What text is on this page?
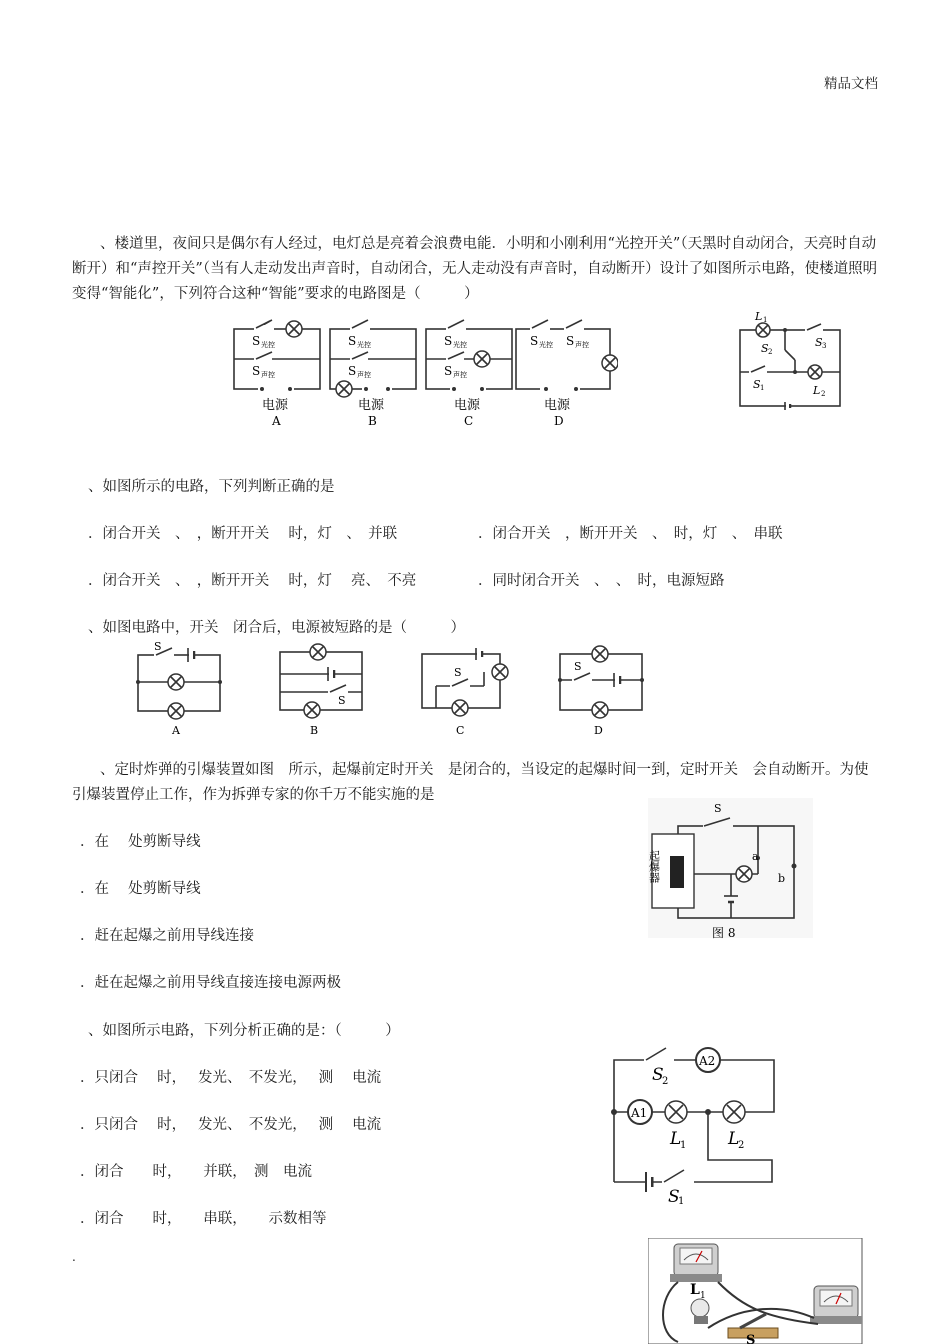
精品文档
、楼道里，夜间只是偶尔有人经过，电灯总是亮着会浪费电能．小明和小刚利用“光控开关”（天黑时自动闭合，天亮时自动断开）和“声控开关”（当有人走动发出声音时，自动闭合，无人走动没有声音时，自动断开）设计了如图所示电路，使楼道照明变得“智能化”，下列符合这种“智能”要求的电路图是（　　　）
S 光控
S 声控
电源
A
S 光控
S 声控
电源
B
S 光控
S 声控
电源
C
S 光控 S 声控
电源
D
L 1
S 2
S 3
S 1	L 2
、如图所示的电路，下列判断正确的是
．闭合开关　、　，断开开关　 时，灯　、　并联	．闭合开关　，断开开关　、　时，灯　、　串联
．闭合开关　、　，断开开关　 时，灯　 亮、　不亮	．同时闭合开关　、　、　时，电源短路
、如图电路中，开关　闭合后，电源被短路的是（　　　）
S
A
S
B
S
C
S
D
、定时炸弹的引爆装置如图　所示，起爆前定时开关　是闭合的，当设定的起爆时间一到，定时开关　会自动断开。为使引爆装置停止工作，作为拆弹专家的你千万不能实施的是
．在　 处剪断导线
．在　 处剪断导线
．赶在起爆之前用导线连接
．赶在起爆之前用导线直接连接电源两极
S
起爆器	a
b
图 8
、如图所示电路，下列分析正确的是：（　　　）
．只闭合　 时，　 发光、　不发光，　 测　 电流
．只闭合　 时，　 发光、　不发光，　 测　 电流
．闭合　　时，　　并联，　测　电流
．闭合　　时，　　串联，　　示数相等
A2
A1
S
2
L
1 L
2
S
1
.
L 1
S
